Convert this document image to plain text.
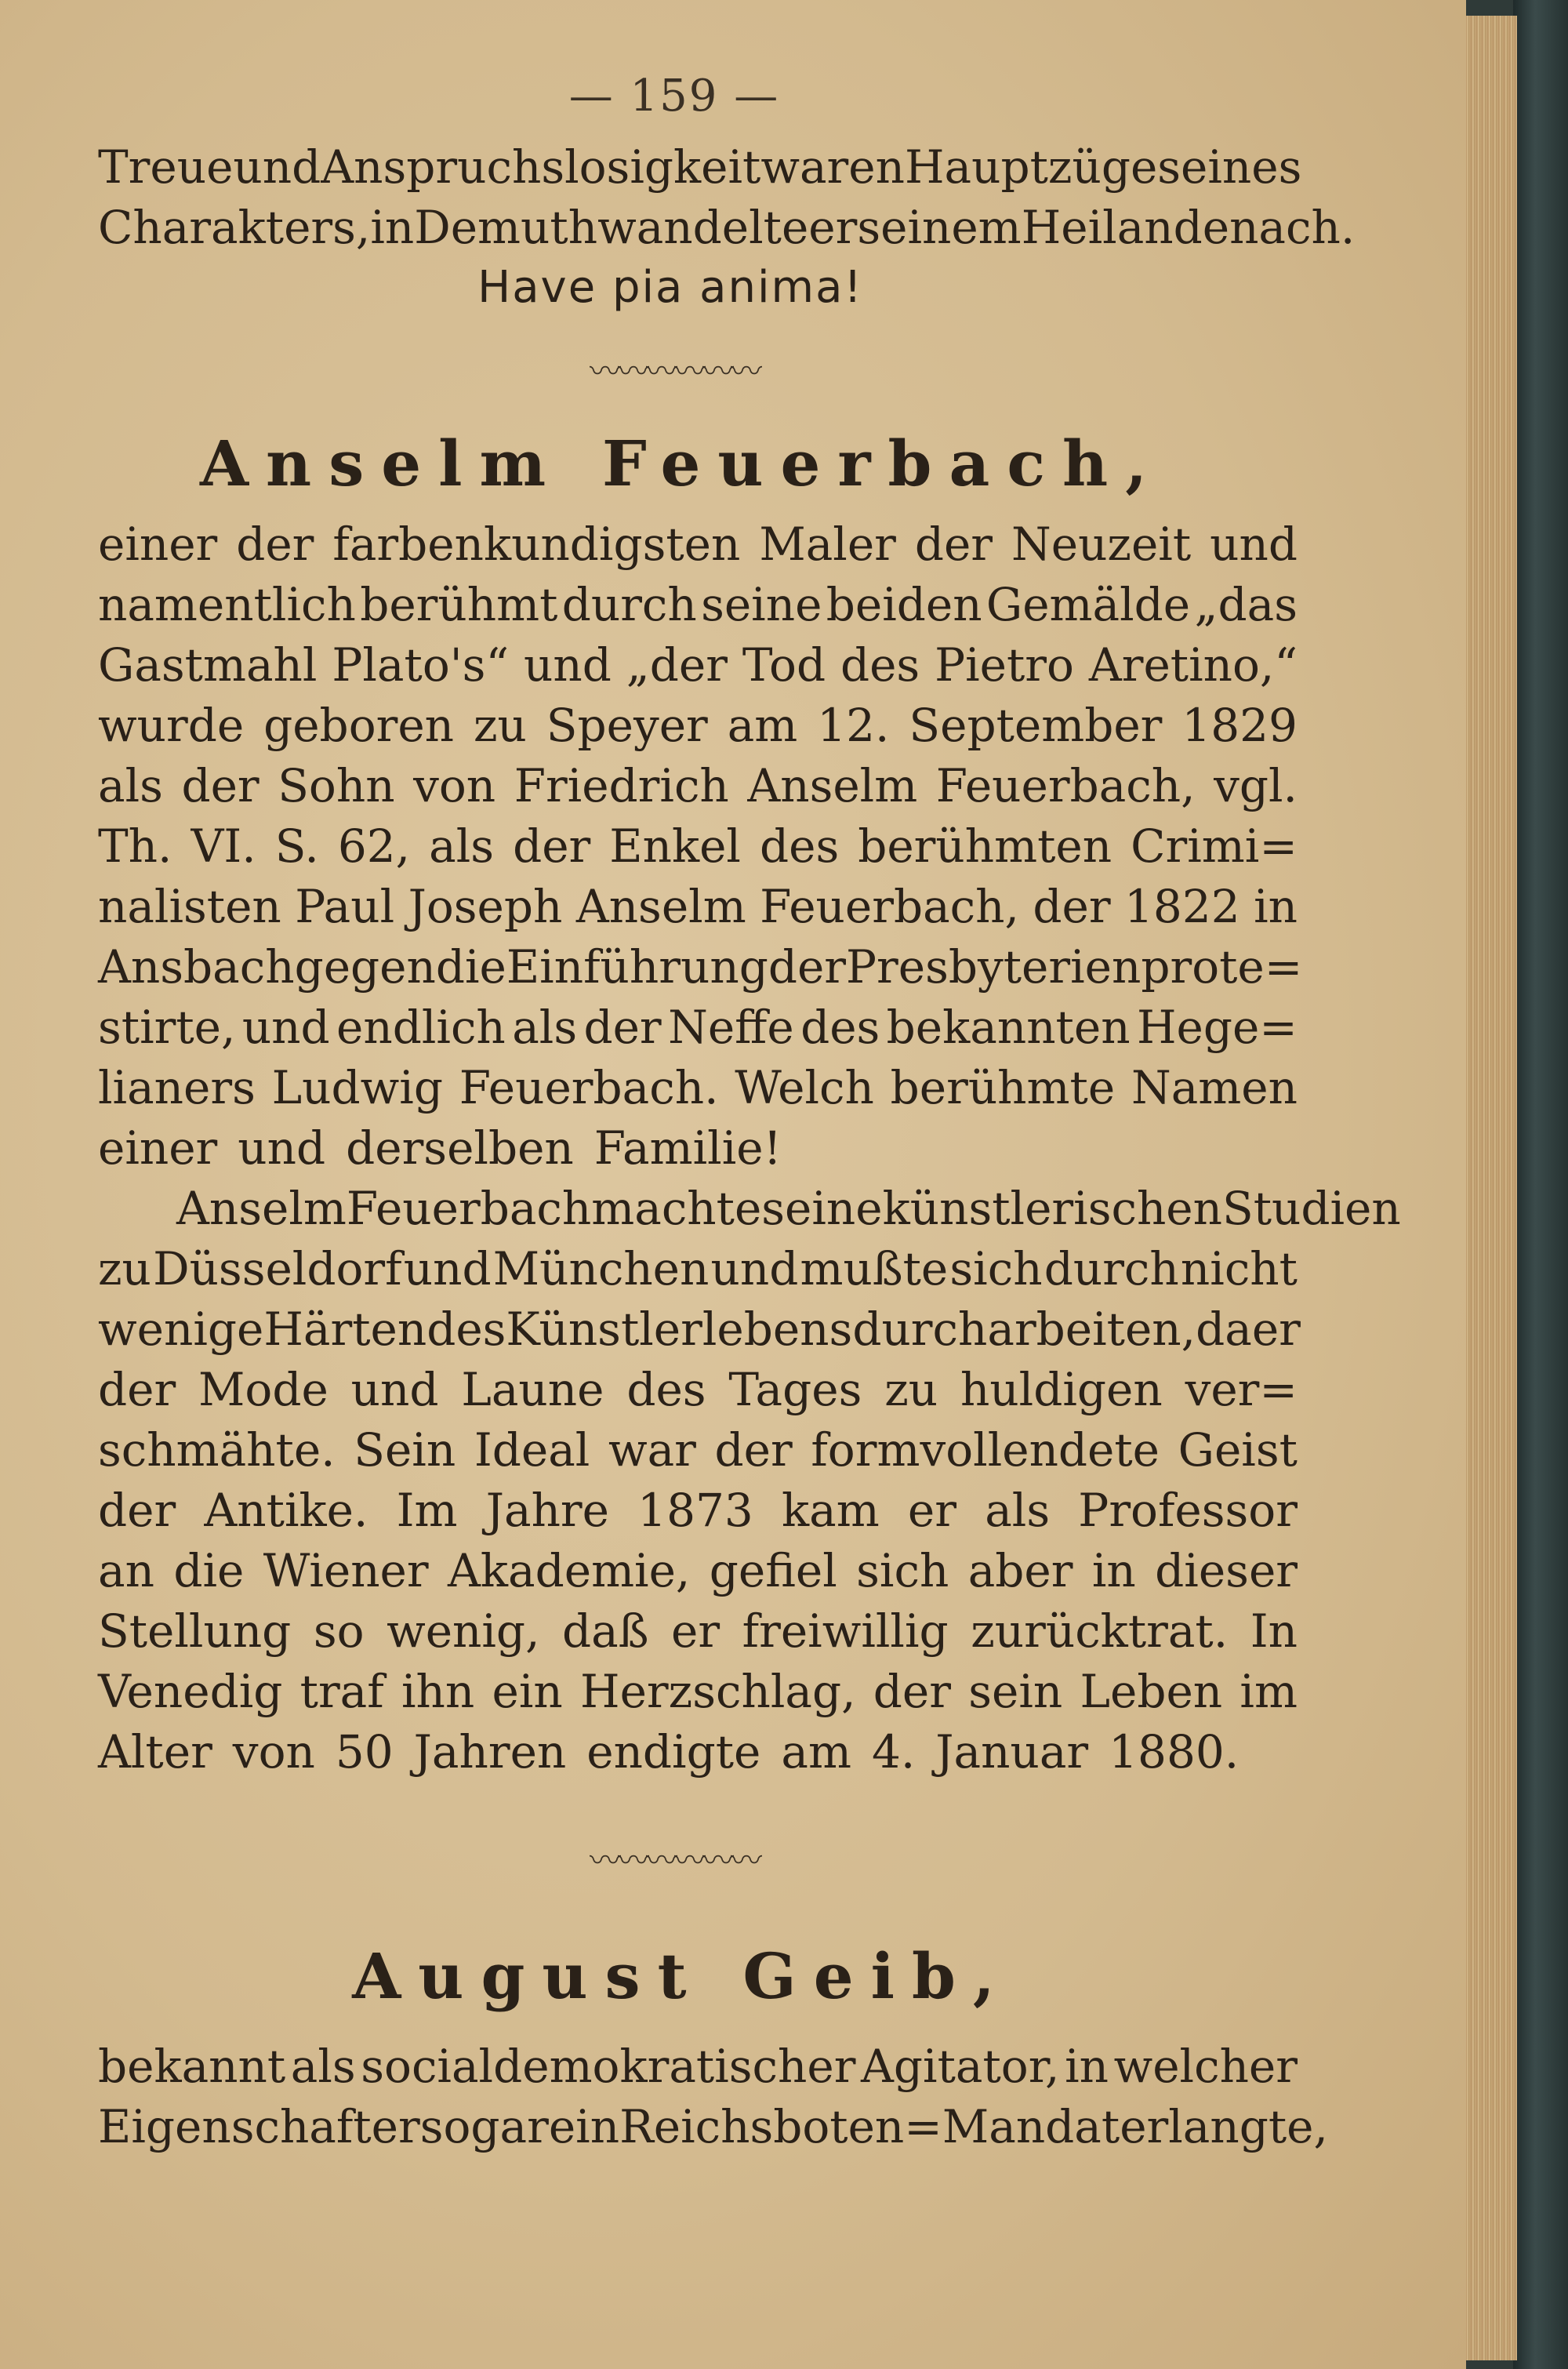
— 159 —
Treue und Anspruchslosigkeit waren Hauptzüge seines
Charakters, in Demuth wandelte er seinem Heilande nach.
Have pia anima!
〰〰〰〰〰〰
Anselm Feuerbach,
einer der farbenkundigsten Maler der Neuzeit und
namentlich berühmt durch seine beiden Gemälde „das
Gastmahl Plato's“ und „der Tod des Pietro Aretino,“
wurde geboren zu Speyer am 12. September 1829
als der Sohn von Friedrich Anselm Feuerbach, vgl.
Th. VI. S. 62, als der Enkel des berühmten Crimi=
nalisten Paul Joseph Anselm Feuerbach, der 1822 in
Ansbach gegen die Einführung der Presbyterien prote=
stirte, und endlich als der Neffe des bekannten Hege=
lianers Ludwig Feuerbach. Welch berühmte Namen
einer und derselben Familie!
Anselm Feuerbach machte seine künstlerischen Studien
zu Düsseldorf und München und mußte sich durch nicht
wenige Härten des Künstlerlebens durcharbeiten, da er
der Mode und Laune des Tages zu huldigen ver=
schmähte. Sein Ideal war der formvollendete Geist
der Antike. Im Jahre 1873 kam er als Professor
an die Wiener Akademie, gefiel sich aber in dieser
Stellung so wenig, daß er freiwillig zurücktrat. In
Venedig traf ihn ein Herzschlag, der sein Leben im
Alter von 50 Jahren endigte am 4. Januar 1880.
〰〰〰〰〰〰
August Geib,
bekannt als socialdemokratischer Agitator, in welcher
Eigenschaft er sogar ein Reichsboten=Mandat erlangte,
